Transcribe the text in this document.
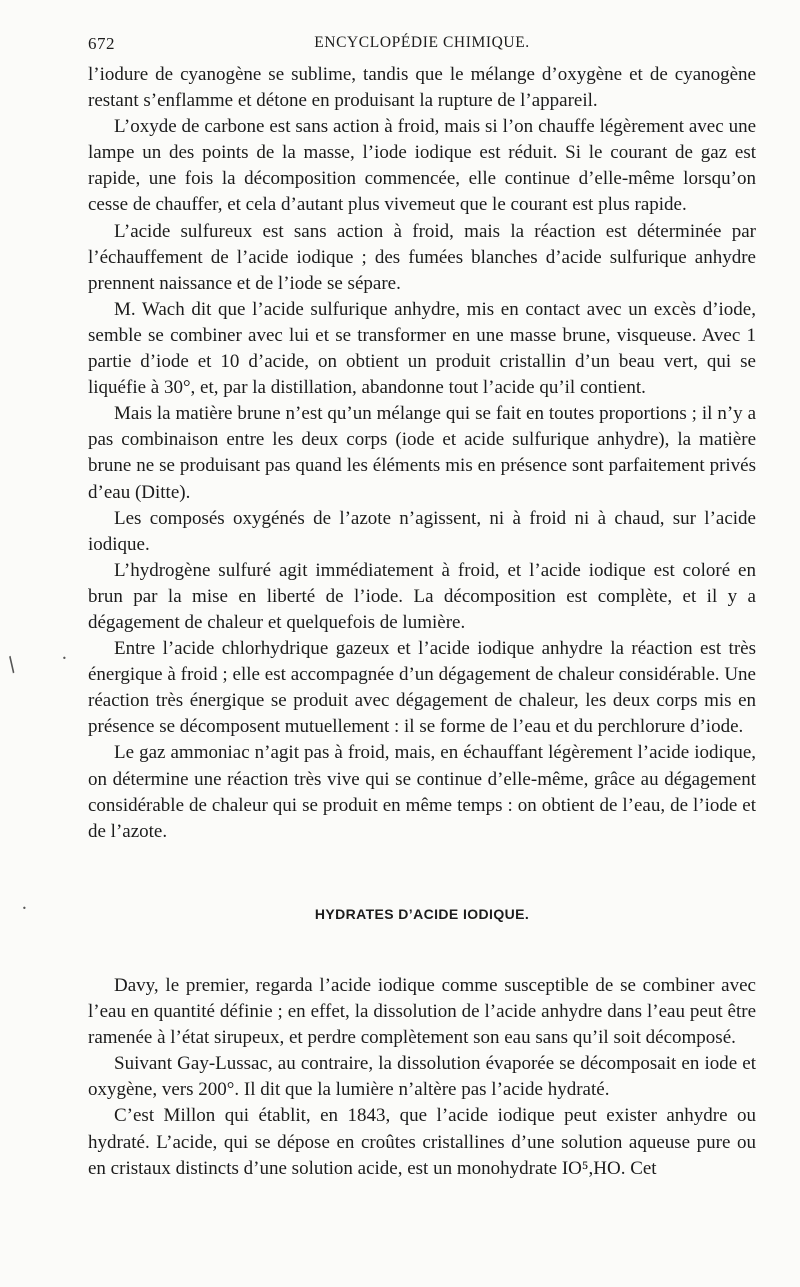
672	ENCYCLOPÉDIE CHIMIQUE.

l’iodure de cyanogène se sublime, tandis que le mélange d’oxygène et de cyanogène restant s’enflamme et détone en produisant la rupture de l’appareil.

L’oxyde de carbone est sans action à froid, mais si l’on chauffe légèrement avec une lampe un des points de la masse, l’iode iodique est réduit. Si le courant de gaz est rapide, une fois la décomposition commencée, elle continue d’elle-même lorsqu’on cesse de chauffer, et cela d’autant plus vivemeut que le courant est plus rapide.

L’acide sulfureux est sans action à froid, mais la réaction est déterminée par l’échauffement de l’acide iodique ; des fumées blanches d’acide sulfurique anhydre prennent naissance et de l’iode se sépare.

M. Wach dit que l’acide sulfurique anhydre, mis en contact avec un excès d’iode, semble se combiner avec lui et se transformer en une masse brune, visqueuse. Avec 1 partie d’iode et 10 d’acide, on obtient un produit cristallin d’un beau vert, qui se liquéfie à 30°, et, par la distillation, abandonne tout l’acide qu’il contient.

Mais la matière brune n’est qu’un mélange qui se fait en toutes proportions ; il n’y a pas combinaison entre les deux corps (iode et acide sulfurique anhydre), la matière brune ne se produisant pas quand les éléments mis en présence sont parfaitement privés d’eau (Ditte).

Les composés oxygénés de l’azote n’agissent, ni à froid ni à chaud, sur l’acide iodique.

L’hydrogène sulfuré agit immédiatement à froid, et l’acide iodique est coloré en brun par la mise en liberté de l’iode. La décomposition est complète, et il y a dégagement de chaleur et quelquefois de lumière.

Entre l’acide chlorhydrique gazeux et l’acide iodique anhydre la réaction est très énergique à froid ; elle est accompagnée d’un dégagement de chaleur considérable. Une réaction très énergique se produit avec dégagement de chaleur, les deux corps mis en présence se décomposent mutuellement : il se forme de l’eau et du perchlorure d’iode.

Le gaz ammoniac n’agit pas à froid, mais, en échauffant légèrement l’acide iodique, on détermine une réaction très vive qui se continue d’elle-même, grâce au dégagement considérable de chaleur qui se produit en même temps : on obtient de l’eau, de l’iode et de l’azote.

HYDRATES D’ACIDE IODIQUE.

Davy, le premier, regarda l’acide iodique comme susceptible de se combiner avec l’eau en quantité définie ; en effet, la dissolution de l’acide anhydre dans l’eau peut être ramenée à l’état sirupeux, et perdre complètement son eau sans qu’il soit décomposé.

Suivant Gay-Lussac, au contraire, la dissolution évaporée se décomposait en iode et oxygène, vers 200°. Il dit que la lumière n’altère pas l’acide hydraté.

C’est Millon qui établit, en 1843, que l’acide iodique peut exister anhydre ou hydraté. L’acide, qui se dépose en croûtes cristallines d’une solution aqueuse pure ou en cristaux distincts d’une solution acide, est un monohydrate IO⁵,HO. Cet

/	•
•
